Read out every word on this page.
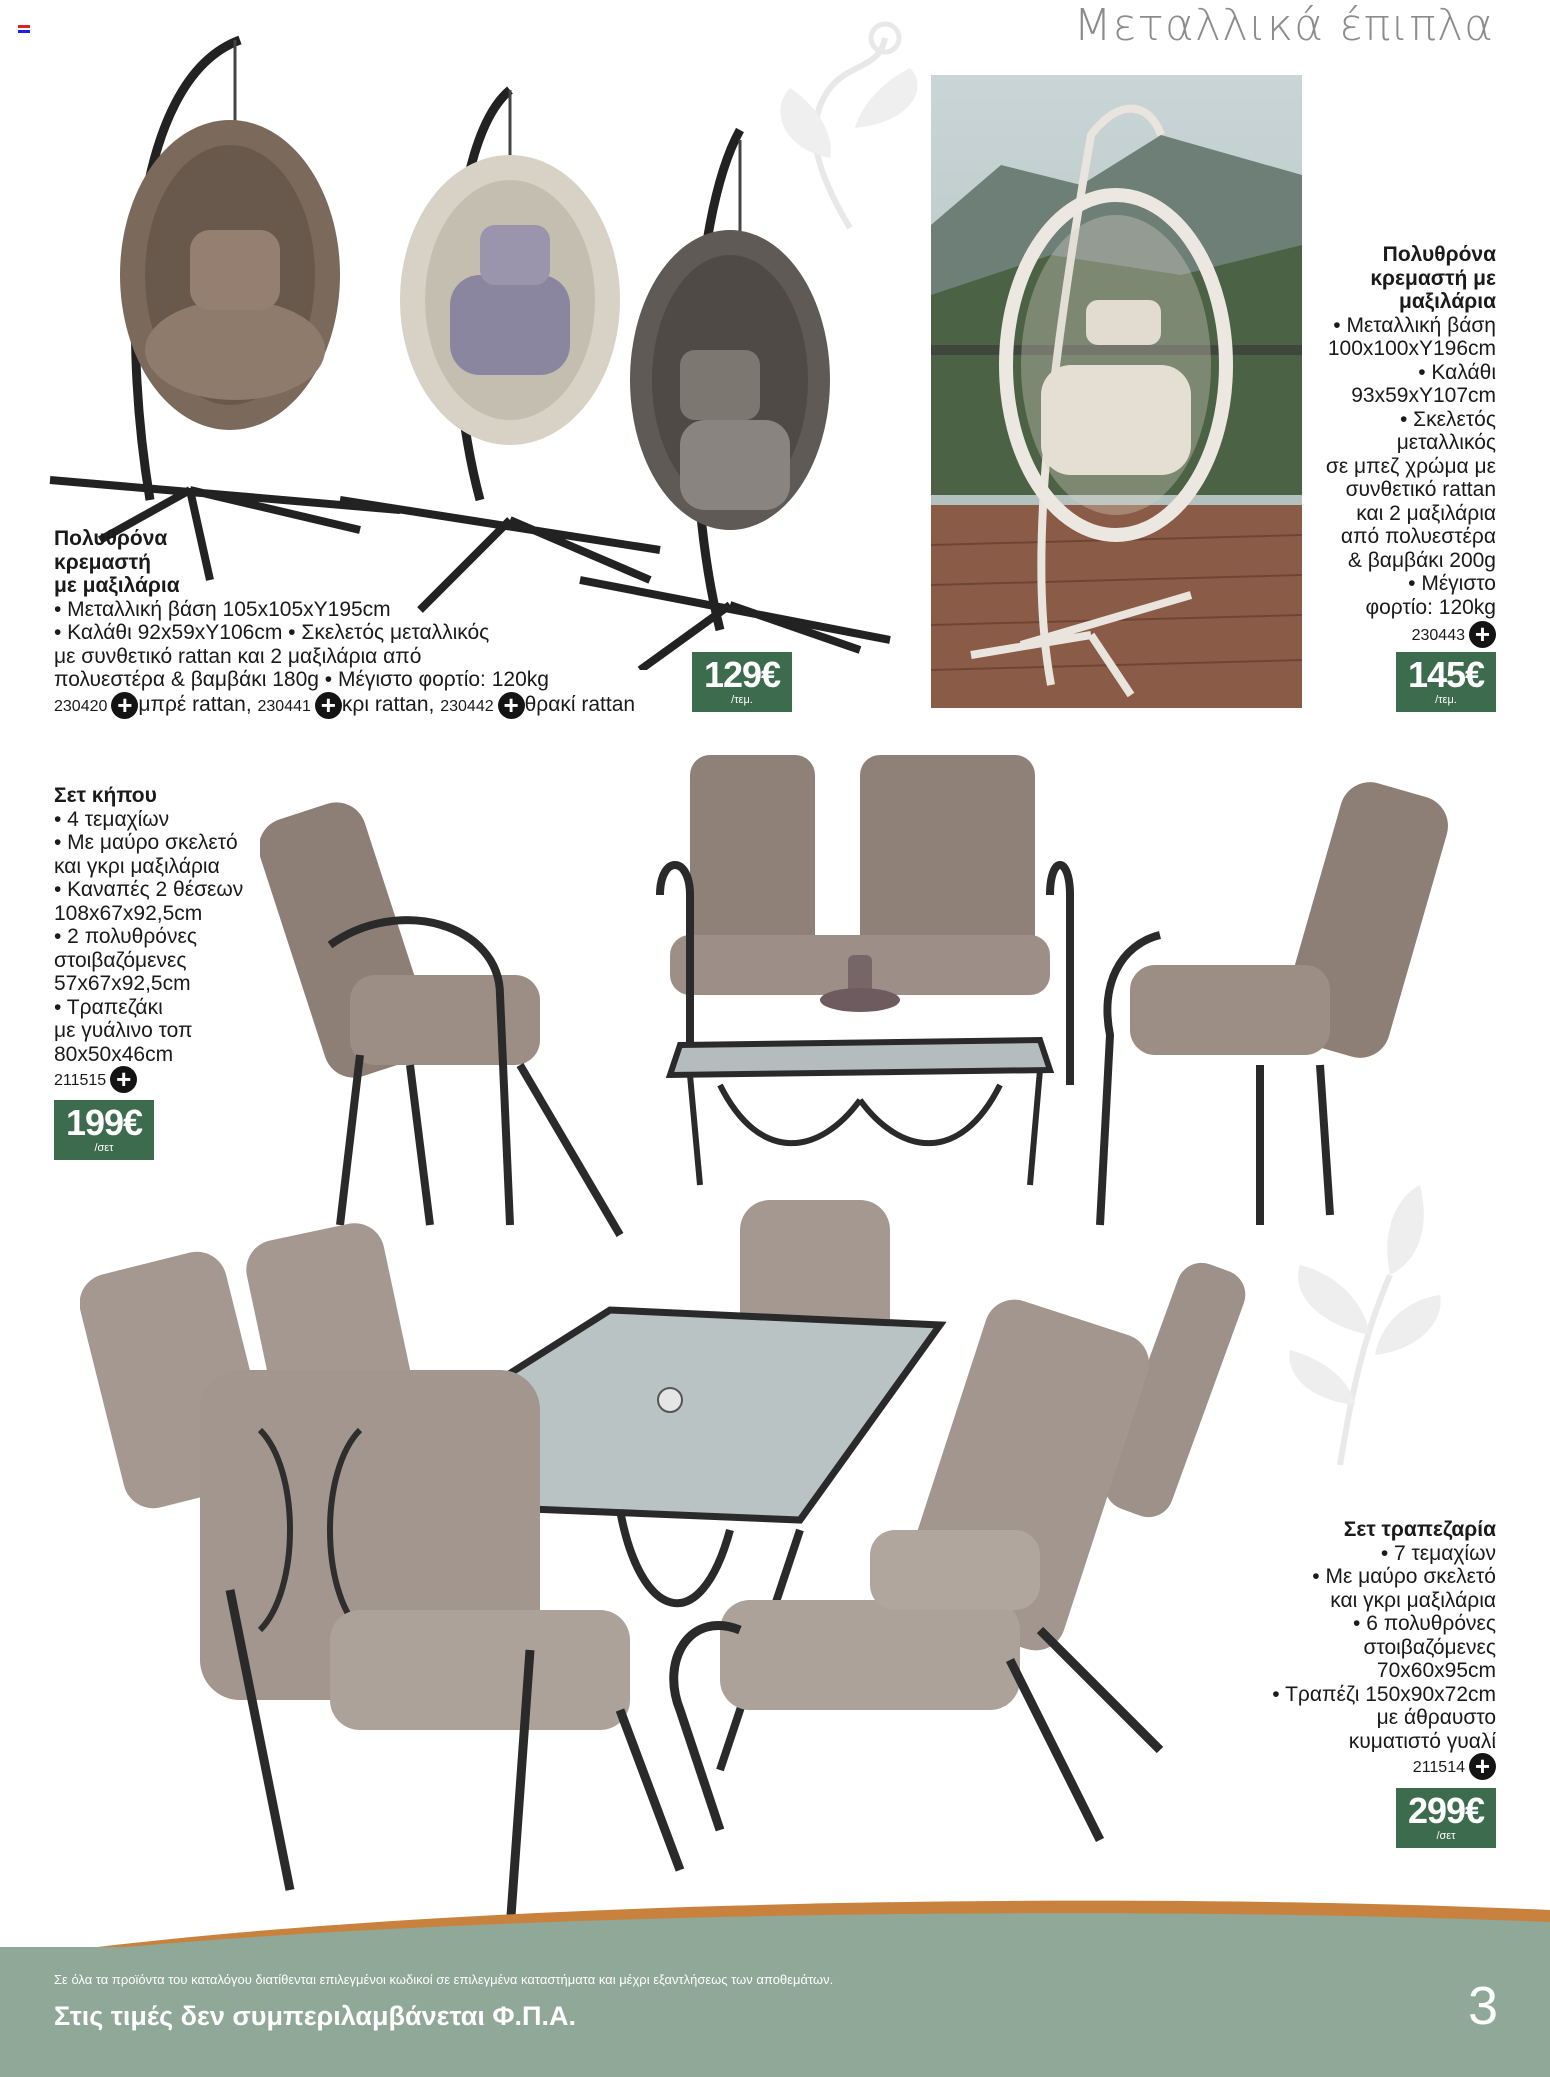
Μεταλλικά έπιπλα
Πολυθρόνα
κρεμαστή
με μαξιλάρια
• Μεταλλική βάση 105x105xΥ195cm
• Καλάθι 92x59xΥ106cm • Σκελετός μεταλλικός
με συνθετικό rattan και 2 μαξιλάρια από
πολυεστέρα & βαμβάκι 180g • Μέγιστο φορτίο: 120kg
230420 + μπρέ rattan, 230441 + κρι rattan, 230442 + θρακί rattan
129€
/τεμ.
Πολυθρόνα
κρεμαστή με
μαξιλάρια
• Μεταλλική βάση
100x100xΥ196cm
• Καλάθι
93x59xΥ107cm
• Σκελετός
μεταλλικός
σε μπεζ χρώμα με
συνθετικό rattan
και 2 μαξιλάρια
από πολυεστέρα
& βαμβάκι 200g
• Μέγιστο
φορτίο: 120kg
230443 +
145€
/τεμ.
Σετ κήπου
• 4 τεμαχίων
• Με μαύρο σκελετό
και γκρι μαξιλάρια
• Καναπές 2 θέσεων
108x67x92,5cm
• 2 πολυθρόνες
στοιβαζόμενες
57x67x92,5cm
• Τραπεζάκι
με γυάλινο τοπ
80x50x46cm
211515 +
199€
/σετ
Σετ τραπεζαρία
• 7 τεμαχίων
• Με μαύρο σκελετό
και γκρι μαξιλάρια
• 6 πολυθρόνες
στοιβαζόμενες
70x60x95cm
• Τραπέζι 150x90x72cm
με άθραυστο
κυματιστό γυαλί
211514 +
299€
/σετ
Σε όλα τα προϊόντα του καταλόγου διατίθενται επιλεγμένοι κωδικοί σε επιλεγμένα καταστήματα και μέχρι εξαντλήσεως των αποθεμάτων.
Στις τιμές δεν συμπεριλαμβάνεται Φ.Π.Α.	3
